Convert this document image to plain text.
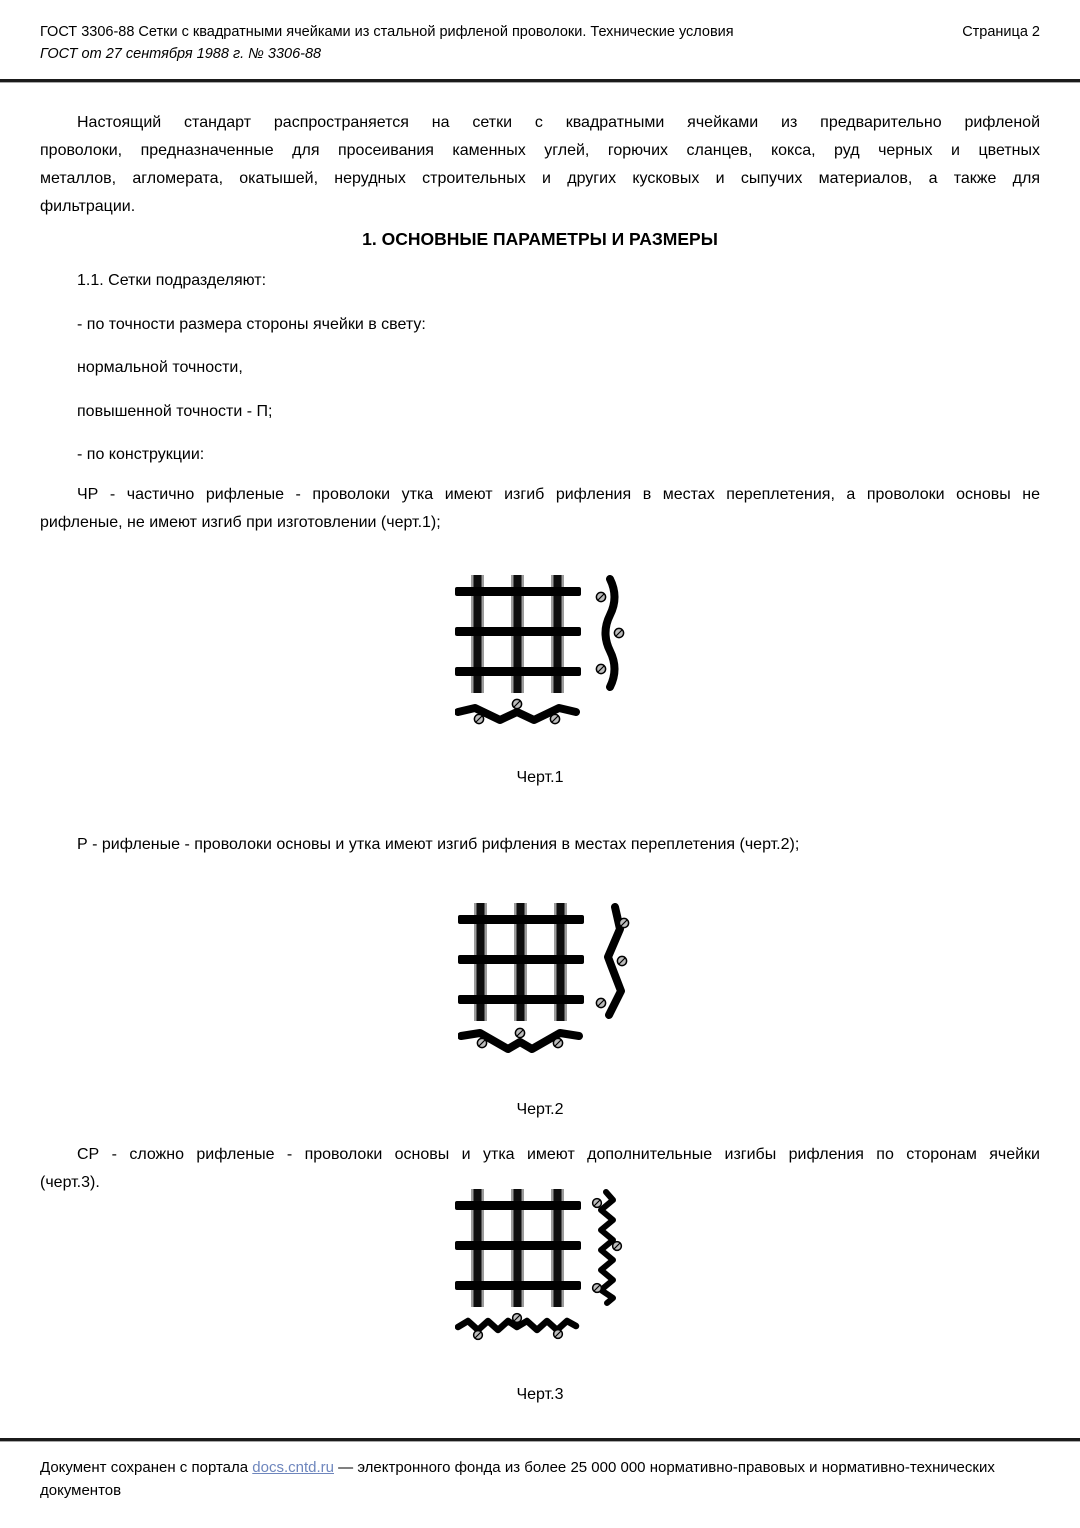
ГОСТ 3306-88 Сетки с квадратными ячейками из стальной рифленой проволоки. Технические условия	Страница 2
ГОСТ от 27 сентября 1988 г. № 3306-88
Настоящий стандарт распространяется на сетки с квадратными ячейками из предварительно рифленой
проволоки, предназначенные для просеивания каменных углей, горючих сланцев, кокса, руд черных и цветных
металлов, агломерата, окатышей, нерудных строительных и других кусковых и сыпучих материалов, а также для
фильтрации.
1. ОСНОВНЫЕ ПАРАМЕТРЫ И РАЗМЕРЫ
1.1. Сетки подразделяют:
- по точности размера стороны ячейки в свету:
нормальной точности,
повышенной точности - П;
- по конструкции:
ЧР - частично рифленые - проволоки утка имеют изгиб рифления в местах переплетения, а проволоки основы не
рифленые, не имеют изгиб при изготовлении (черт.1);
Черт.1
Р - рифленые - проволоки основы и утка имеют изгиб рифления в местах переплетения (черт.2);
Черт.2
СР - сложно рифленые - проволоки основы и утка имеют дополнительные изгибы рифления по сторонам ячейки
(черт.3).
Черт.3
Документ сохранен с портала docs.cntd.ru — электронного фонда из более 25 000 000 нормативно-правовых и нормативно-технических документов
